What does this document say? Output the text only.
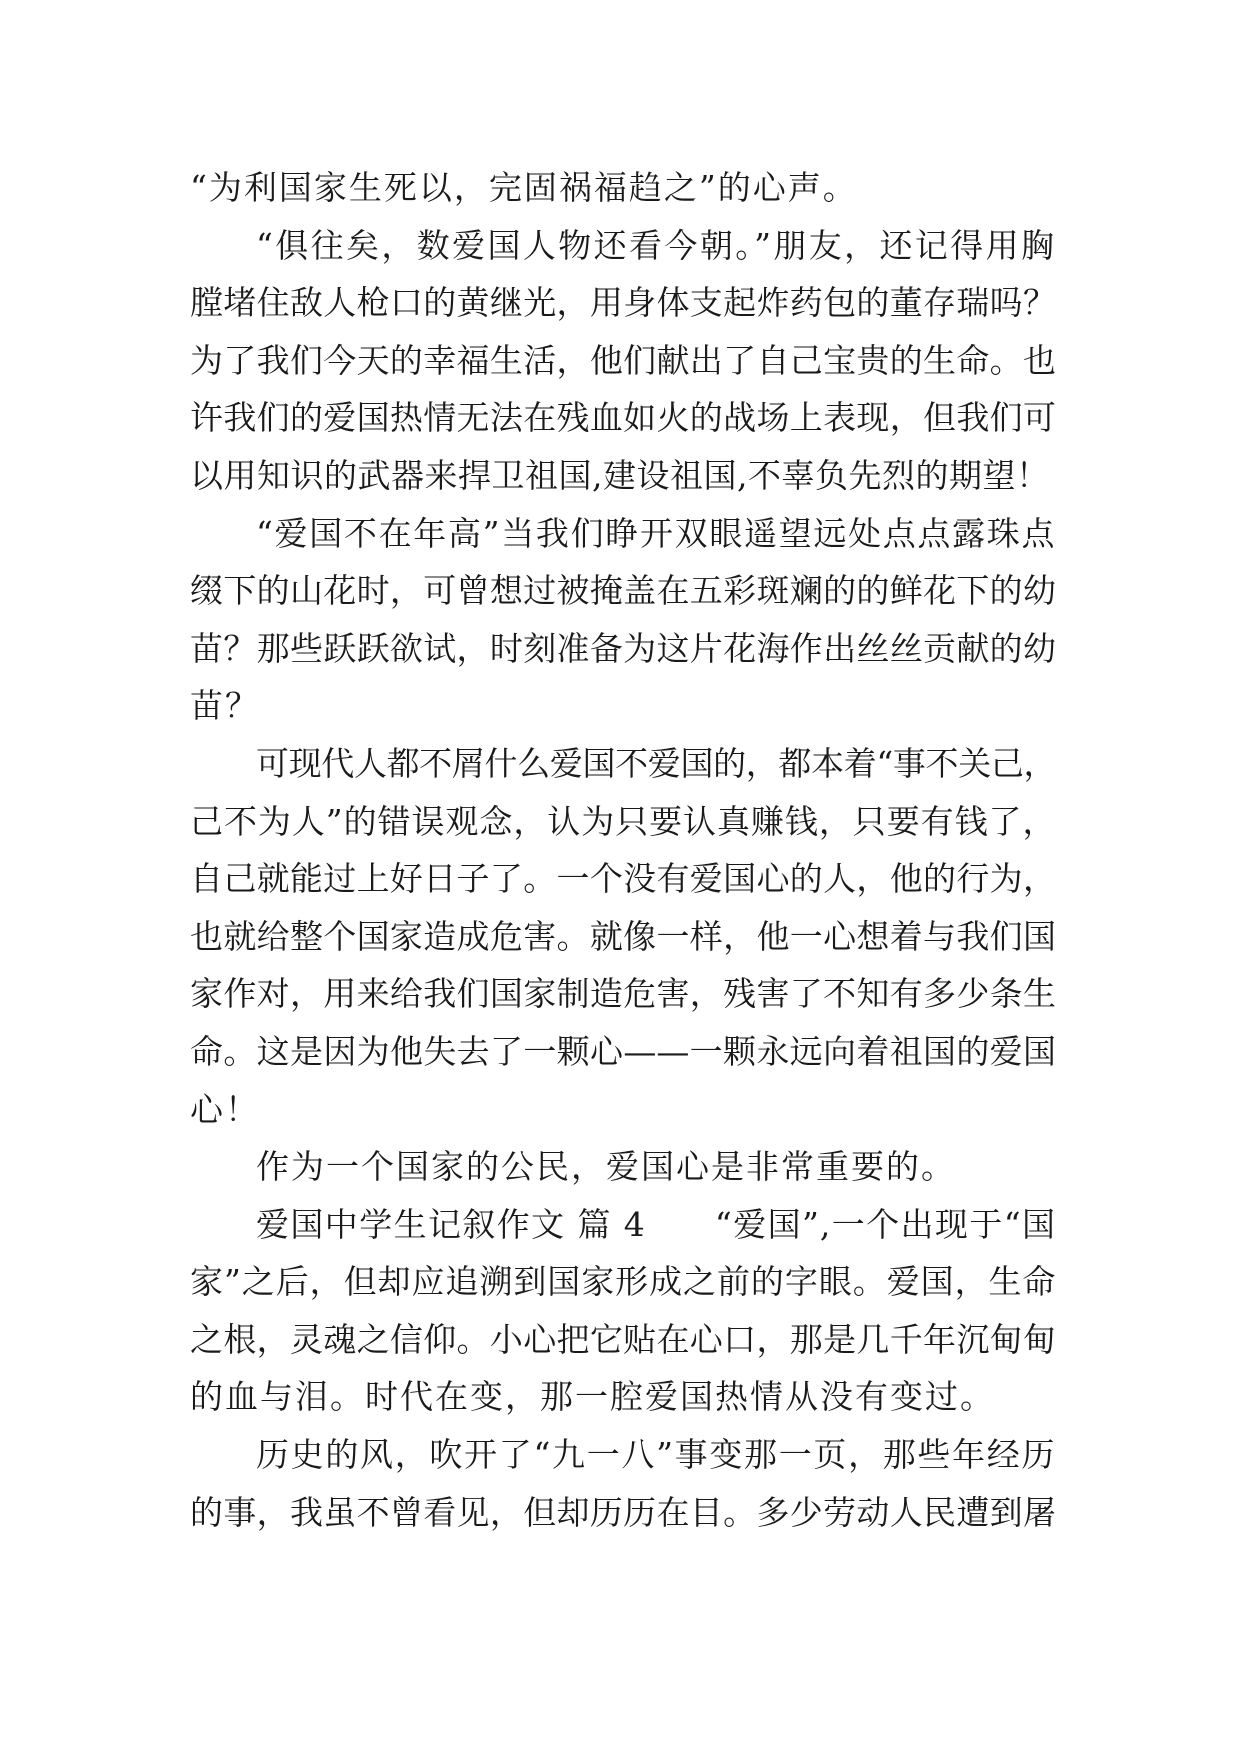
“为利国家生死以，完固祸福趋之”的心声。
“俱往矣，数爱国人物还看今朝。”朋友，还记得用胸
膛堵住敌人枪口的黄继光，用身体支起炸药包的董存瑞吗？
为了我们今天的幸福生活，他们献出了自己宝贵的生命。也
许我们的爱国热情无法在残血如火的战场上表现，但我们可
以用知识的武器来捍卫祖国,建设祖国,不辜负先烈的期望！
“爱国不在年高”当我们睁开双眼遥望远处点点露珠点
缀下的山花时，可曾想过被掩盖在五彩斑斓的的鲜花下的幼
苗？那些跃跃欲试，时刻准备为这片花海作出丝丝贡献的幼
苗？
可现代人都不屑什么爱国不爱国的，都本着“事不关己，
己不为人”的错误观念，认为只要认真赚钱，只要有钱了，
自己就能过上好日子了。一个没有爱国心的人，他的行为，
也就给整个国家造成危害。就像一样，他一心想着与我们国
家作对，用来给我们国家制造危害，残害了不知有多少条生
命。这是因为他失去了一颗心——一颗永远向着祖国的爱国
心！
作为一个国家的公民，爱国心是非常重要的。
爱国中学生记叙作文 篇 4　　“爱国”,一个出现于“国
家”之后，但却应追溯到国家形成之前的字眼。爱国，生命
之根，灵魂之信仰。小心把它贴在心口，那是几千年沉甸甸
的血与泪。时代在变，那一腔爱国热情从没有变过。
历史的风，吹开了“九一八”事变那一页，那些年经历
的事，我虽不曾看见，但却历历在目。多少劳动人民遭到屠
